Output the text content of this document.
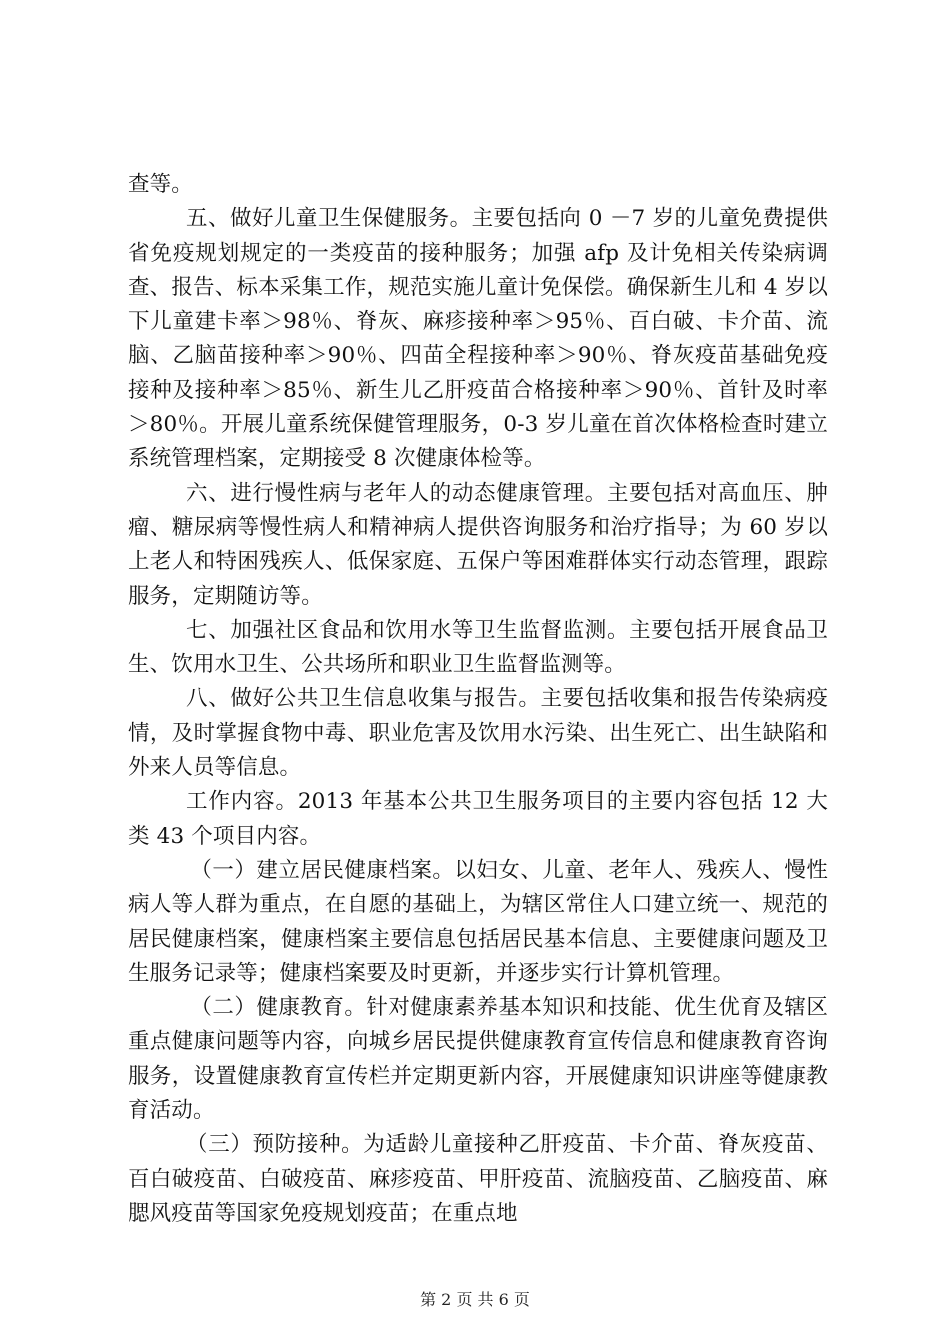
查等。

五、做好儿童卫生保健服务。主要包括向 0 －7 岁的儿童免费提供省免疫规划规定的一类疫苗的接种服务；加强 afp 及计免相关传染病调查、报告、标本采集工作，规范实施儿童计免保偿。确保新生儿和 4 岁以下儿童建卡率＞98％、脊灰、麻疹接种率＞95％、百白破、卡介苗、流脑、乙脑苗接种率＞90％、四苗全程接种率＞90％、脊灰疫苗基础免疫接种及接种率＞85％、新生儿乙肝疫苗合格接种率＞90％、首针及时率＞80％。开展儿童系统保健管理服务，0-3 岁儿童在首次体格检查时建立系统管理档案，定期接受 8 次健康体检等。

六、进行慢性病与老年人的动态健康管理。主要包括对高血压、肿瘤、糖尿病等慢性病人和精神病人提供咨询服务和治疗指导；为 60 岁以上老人和特困残疾人、低保家庭、五保户等困难群体实行动态管理，跟踪服务，定期随访等。

七、加强社区食品和饮用水等卫生监督监测。主要包括开展食品卫生、饮用水卫生、公共场所和职业卫生监督监测等。

八、做好公共卫生信息收集与报告。主要包括收集和报告传染病疫情，及时掌握食物中毒、职业危害及饮用水污染、出生死亡、出生缺陷和外来人员等信息。

工作内容。2013 年基本公共卫生服务项目的主要内容包括 12 大类 43 个项目内容。

（一）建立居民健康档案。以妇女、儿童、老年人、残疾人、慢性病人等人群为重点，在自愿的基础上，为辖区常住人口建立统一、规范的居民健康档案，健康档案主要信息包括居民基本信息、主要健康问题及卫生服务记录等；健康档案要及时更新，并逐步实行计算机管理。

（二）健康教育。针对健康素养基本知识和技能、优生优育及辖区重点健康问题等内容，向城乡居民提供健康教育宣传信息和健康教育咨询服务，设置健康教育宣传栏并定期更新内容，开展健康知识讲座等健康教育活动。

（三）预防接种。为适龄儿童接种乙肝疫苗、卡介苗、脊灰疫苗、百白破疫苗、白破疫苗、麻疹疫苗、甲肝疫苗、流脑疫苗、乙脑疫苗、麻腮风疫苗等国家免疫规划疫苗；在重点地

第 2 页 共 6 页
